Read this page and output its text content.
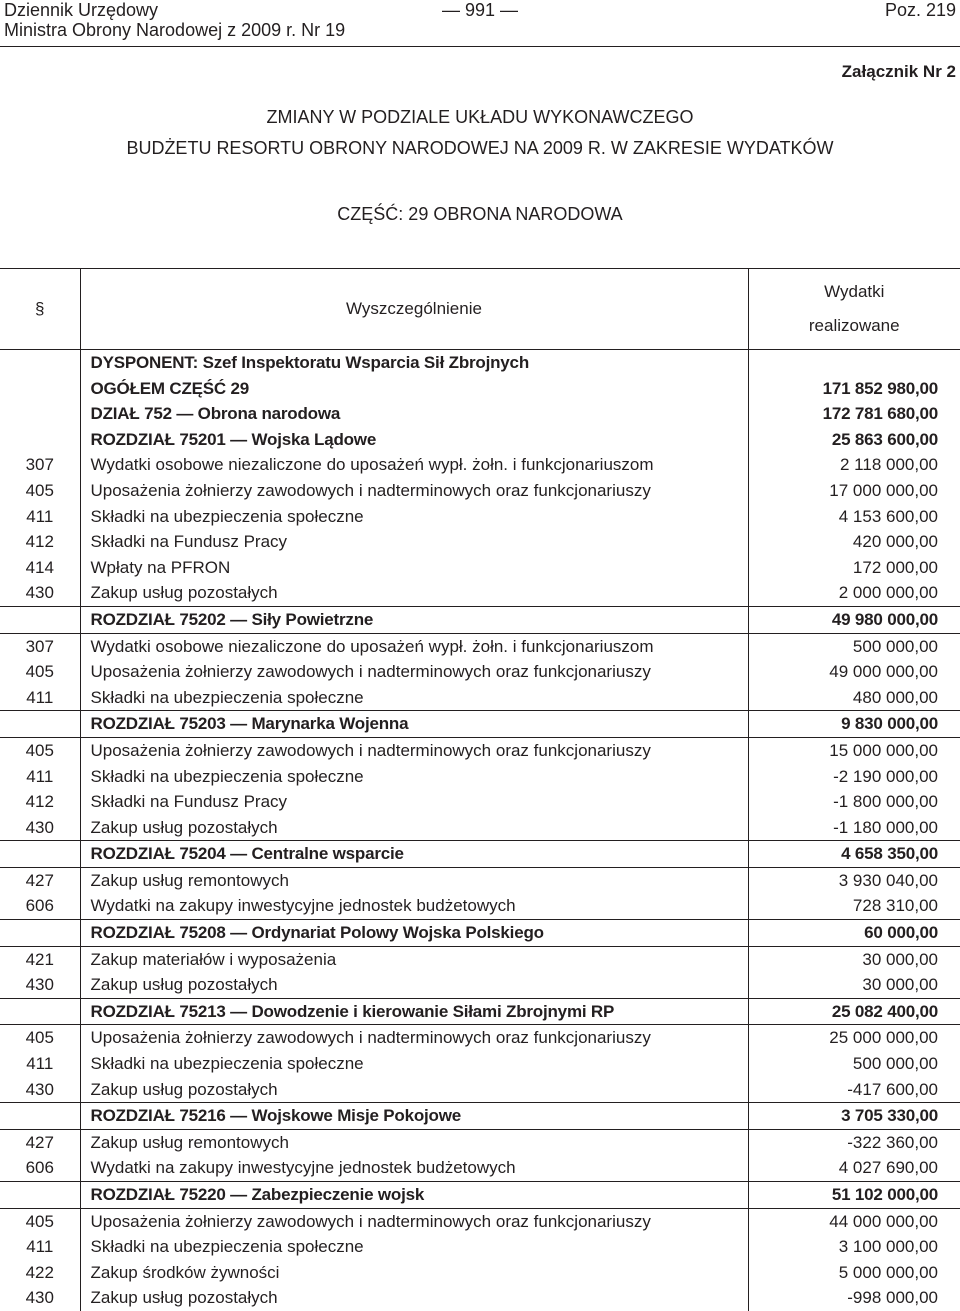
Dziennik Urzędowy
Ministra Obrony Narodowej z 2009 r. Nr 19
— 991 —	Poz. 219
Załącznik Nr 2
ZMIANY W PODZIALE UKŁADU WYKONAWCZEGO
BUDŻETU RESORTU OBRONY NARODOWEJ NA 2009 R. W ZAKRESIE WYDATKÓW
CZĘŚĆ: 29 OBRONA NARODOWA
§	Wyszczególnienie	Wydatki
realizowane

	DYSPONENT: Szef Inspektoratu Wsparcia Sił Zbrojnych	
	OGÓŁEM CZĘŚĆ 29	171 852 980,00
	DZIAŁ 752 — Obrona narodowa	172 781 680,00
	ROZDZIAŁ 75201 — Wojska Lądowe	25 863 600,00
307	Wydatki osobowe niezaliczone do uposażeń wypł. żołn. i funkcjonariuszom	2 118 000,00
405	Uposażenia żołnierzy zawodowych i nadterminowych oraz funkcjonariuszy	17 000 000,00
411	Składki na ubezpieczenia społeczne	4 153 600,00
412	Składki na Fundusz Pracy	420 000,00
414	Wpłaty na PFRON	172 000,00
430	Zakup usług pozostałych	2 000 000,00
	ROZDZIAŁ 75202 — Siły Powietrzne	49 980 000,00
307	Wydatki osobowe niezaliczone do uposażeń wypł. żołn. i funkcjonariuszom	500 000,00
405	Uposażenia żołnierzy zawodowych i nadterminowych oraz funkcjonariuszy	49 000 000,00
411	Składki na ubezpieczenia społeczne	480 000,00
	ROZDZIAŁ 75203 — Marynarka Wojenna	9 830 000,00
405	Uposażenia żołnierzy zawodowych i nadterminowych oraz funkcjonariuszy	15 000 000,00
411	Składki na ubezpieczenia społeczne	-2 190 000,00
412	Składki na Fundusz Pracy	-1 800 000,00
430	Zakup usług pozostałych	-1 180 000,00
	ROZDZIAŁ 75204 — Centralne wsparcie	4 658 350,00
427	Zakup usług remontowych	3 930 040,00
606	Wydatki na zakupy inwestycyjne jednostek budżetowych	728 310,00
	ROZDZIAŁ 75208 — Ordynariat Polowy Wojska Polskiego	60 000,00
421	Zakup materiałów i wyposażenia	30 000,00
430	Zakup usług pozostałych	30 000,00
	ROZDZIAŁ 75213 — Dowodzenie i kierowanie Siłami Zbrojnymi RP	25 082 400,00
405	Uposażenia żołnierzy zawodowych i nadterminowych oraz funkcjonariuszy	25 000 000,00
411	Składki na ubezpieczenia społeczne	500 000,00
430	Zakup usług pozostałych	-417 600,00
	ROZDZIAŁ 75216 — Wojskowe Misje Pokojowe	3 705 330,00
427	Zakup usług remontowych	-322 360,00
606	Wydatki na zakupy inwestycyjne jednostek budżetowych	4 027 690,00
	ROZDZIAŁ 75220 — Zabezpieczenie wojsk	51 102 000,00
405	Uposażenia żołnierzy zawodowych i nadterminowych oraz funkcjonariuszy	44 000 000,00
411	Składki na ubezpieczenia społeczne	3 100 000,00
422	Zakup środków żywności	5 000 000,00
430	Zakup usług pozostałych	-998 000,00
